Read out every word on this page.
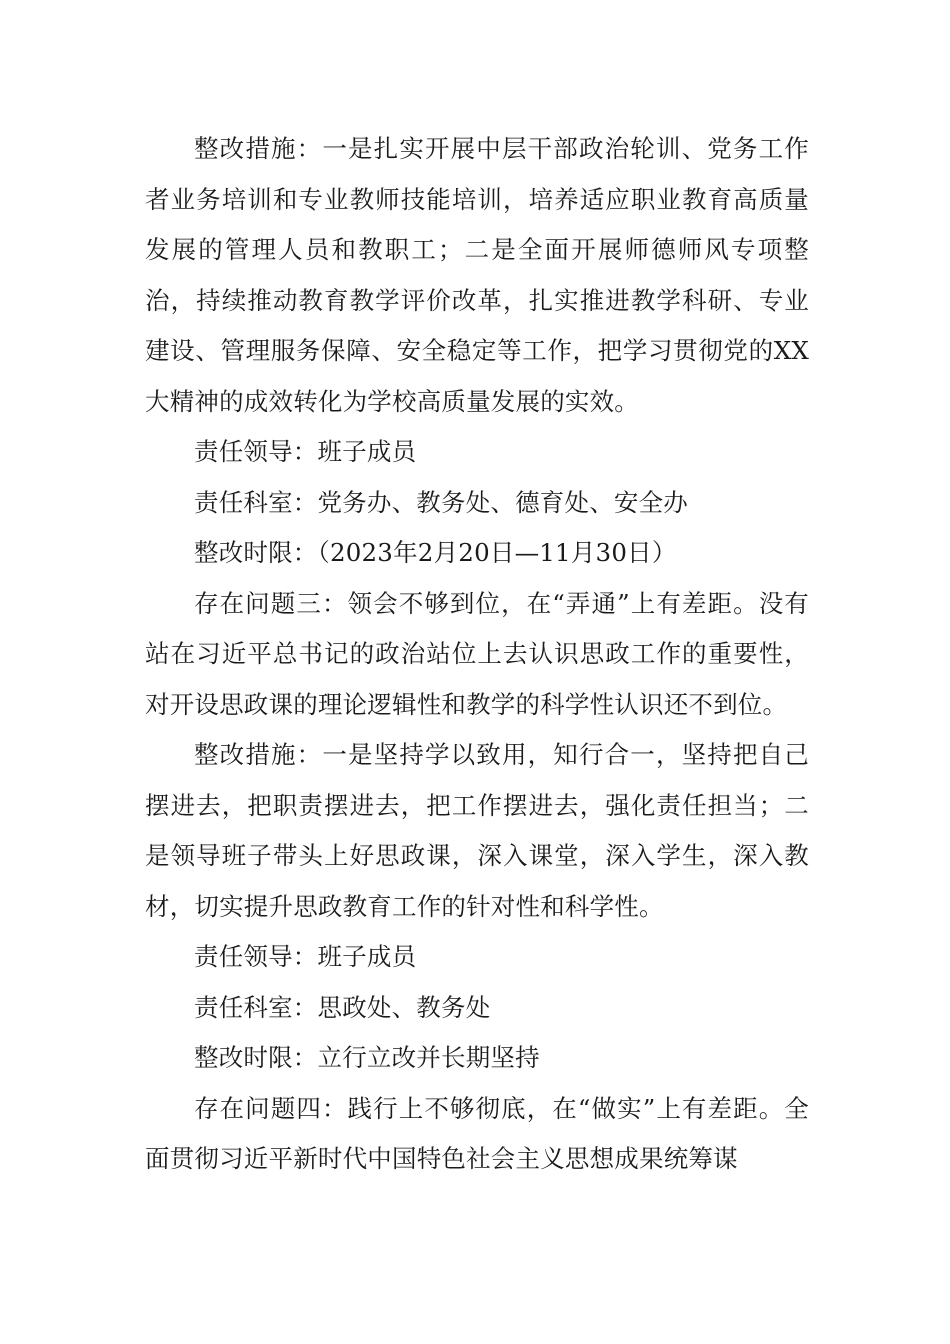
整改措施：一是扎实开展中层干部政治轮训、党务工作者业务培训和专业教师技能培训，培养适应职业教育高质量发展的管理人员和教职工；二是全面开展师德师风专项整治，持续推动教育教学评价改革，扎实推进教学科研、专业建设、管理服务保障、安全稳定等工作，把学习贯彻党的XX大精神的成效转化为学校高质量发展的实效。

责任领导：班子成员

责任科室：党务办、教务处、德育处、安全办

整改时限：（2023年2月20日—11月30日）

存在问题三：领会不够到位，在“弄通”上有差距。没有站在习近平总书记的政治站位上去认识思政工作的重要性，对开设思政课的理论逻辑性和教学的科学性认识还不到位。

整改措施：一是坚持学以致用，知行合一，坚持把自己摆进去，把职责摆进去，把工作摆进去，强化责任担当；二是领导班子带头上好思政课，深入课堂，深入学生，深入教材，切实提升思政教育工作的针对性和科学性。

责任领导：班子成员

责任科室：思政处、教务处

整改时限：立行立改并长期坚持

存在问题四：践行上不够彻底，在“做实”上有差距。全面贯彻习近平新时代中国特色社会主义思想成果统筹谋
